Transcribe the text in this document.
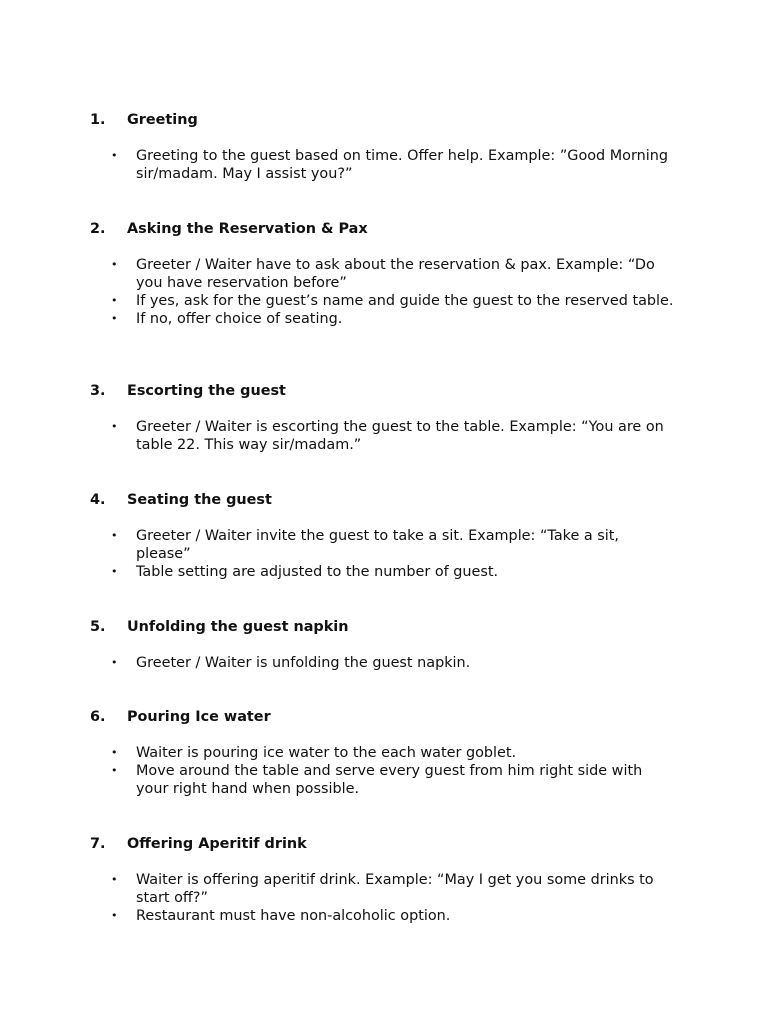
1.	Greeting
• Greeting to the guest based on time. Offer help. Example: ”Good Morning sir/madam. May I assist you?”
2.	Asking the Reservation & Pax
• Greeter / Waiter have to ask about the reservation & pax. Example: “Do you have reservation before”
• If yes, ask for the guest’s name and guide the guest to the reserved table.
• If no, offer choice of seating.
3.	Escorting the guest
• Greeter / Waiter is escorting the guest to the table. Example: “You are on table 22. This way sir/madam.”
4.	Seating the guest
• Greeter / Waiter invite the guest to take a sit. Example: “Take a sit, please”
• Table setting are adjusted to the number of guest.
5.	Unfolding the guest napkin
• Greeter / Waiter is unfolding the guest napkin.
6.	Pouring Ice water
• Waiter is pouring ice water to the each water goblet.
• Move around the table and serve every guest from him right side with your right hand when possible.
7.	Offering Aperitif drink
• Waiter is offering aperitif drink. Example: “May I get you some drinks to start off?”
• Restaurant must have non-alcoholic option.
